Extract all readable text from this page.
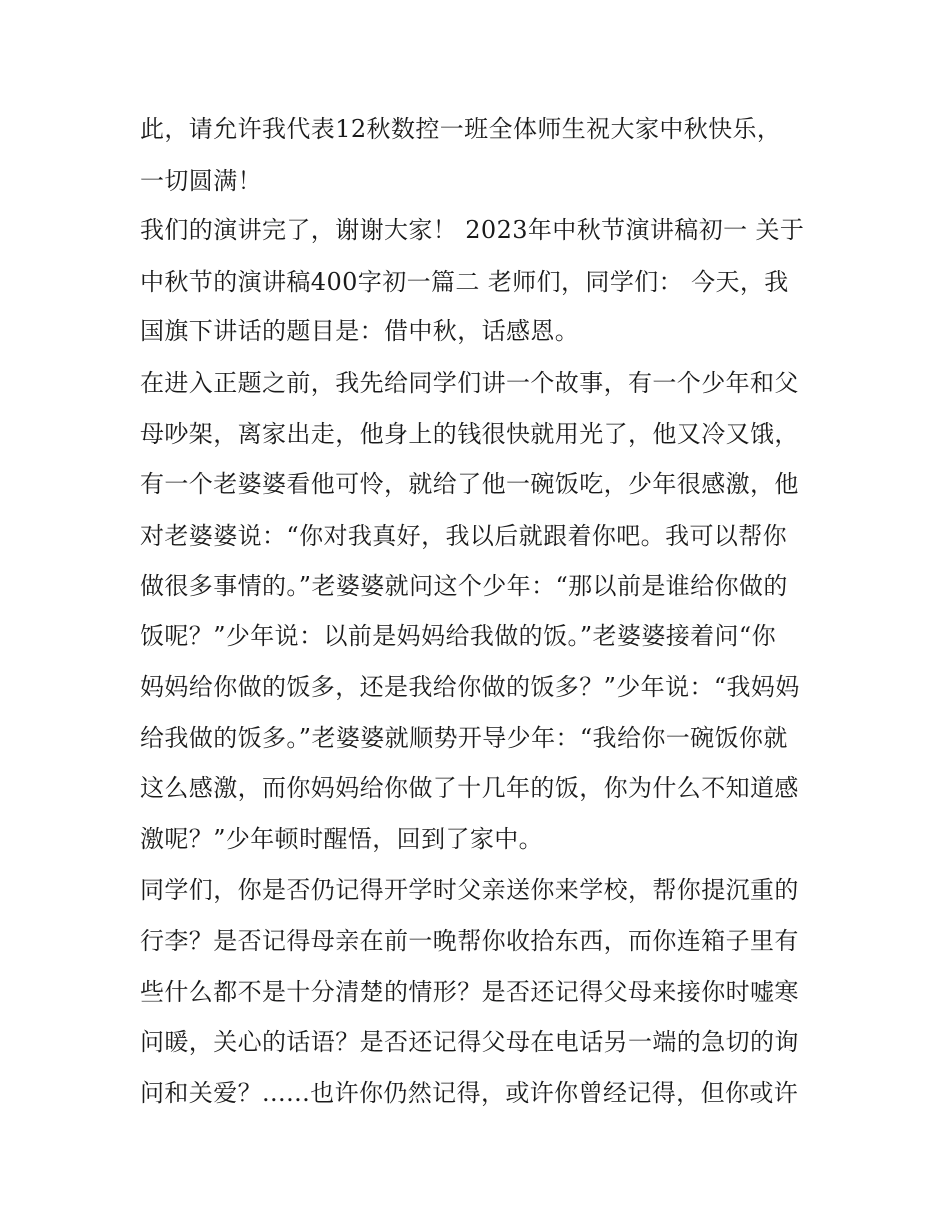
此，请允许我代表12秋数控一班全体师生祝大家中秋快乐，
一切圆满！
我们的演讲完了，谢谢大家！ 2023年中秋节演讲稿初一 关于
中秋节的演讲稿400字初一篇二 老师们，同学们： 今天，我
国旗下讲话的题目是：借中秋，话感恩。
在进入正题之前，我先给同学们讲一个故事，有一个少年和父
母吵架，离家出走，他身上的钱很快就用光了，他又冷又饿，
有一个老婆婆看他可怜，就给了他一碗饭吃，少年很感激，他
对老婆婆说：“你对我真好，我以后就跟着你吧。我可以帮你
做很多事情的。”老婆婆就问这个少年：“那以前是谁给你做的
饭呢？”少年说：以前是妈妈给我做的饭。”老婆婆接着问“你
妈妈给你做的饭多，还是我给你做的饭多？”少年说：“我妈妈
给我做的饭多。”老婆婆就顺势开导少年：“我给你一碗饭你就
这么感激，而你妈妈给你做了十几年的饭，你为什么不知道感
激呢？”少年顿时醒悟，回到了家中。
同学们，你是否仍记得开学时父亲送你来学校，帮你提沉重的
行李？是否记得母亲在前一晚帮你收拾东西，而你连箱子里有
些什么都不是十分清楚的情形？是否还记得父母来接你时嘘寒
问暖，关心的话语？是否还记得父母在电话另一端的急切的询
问和关爱？......也许你仍然记得，或许你曾经记得，但你或许
